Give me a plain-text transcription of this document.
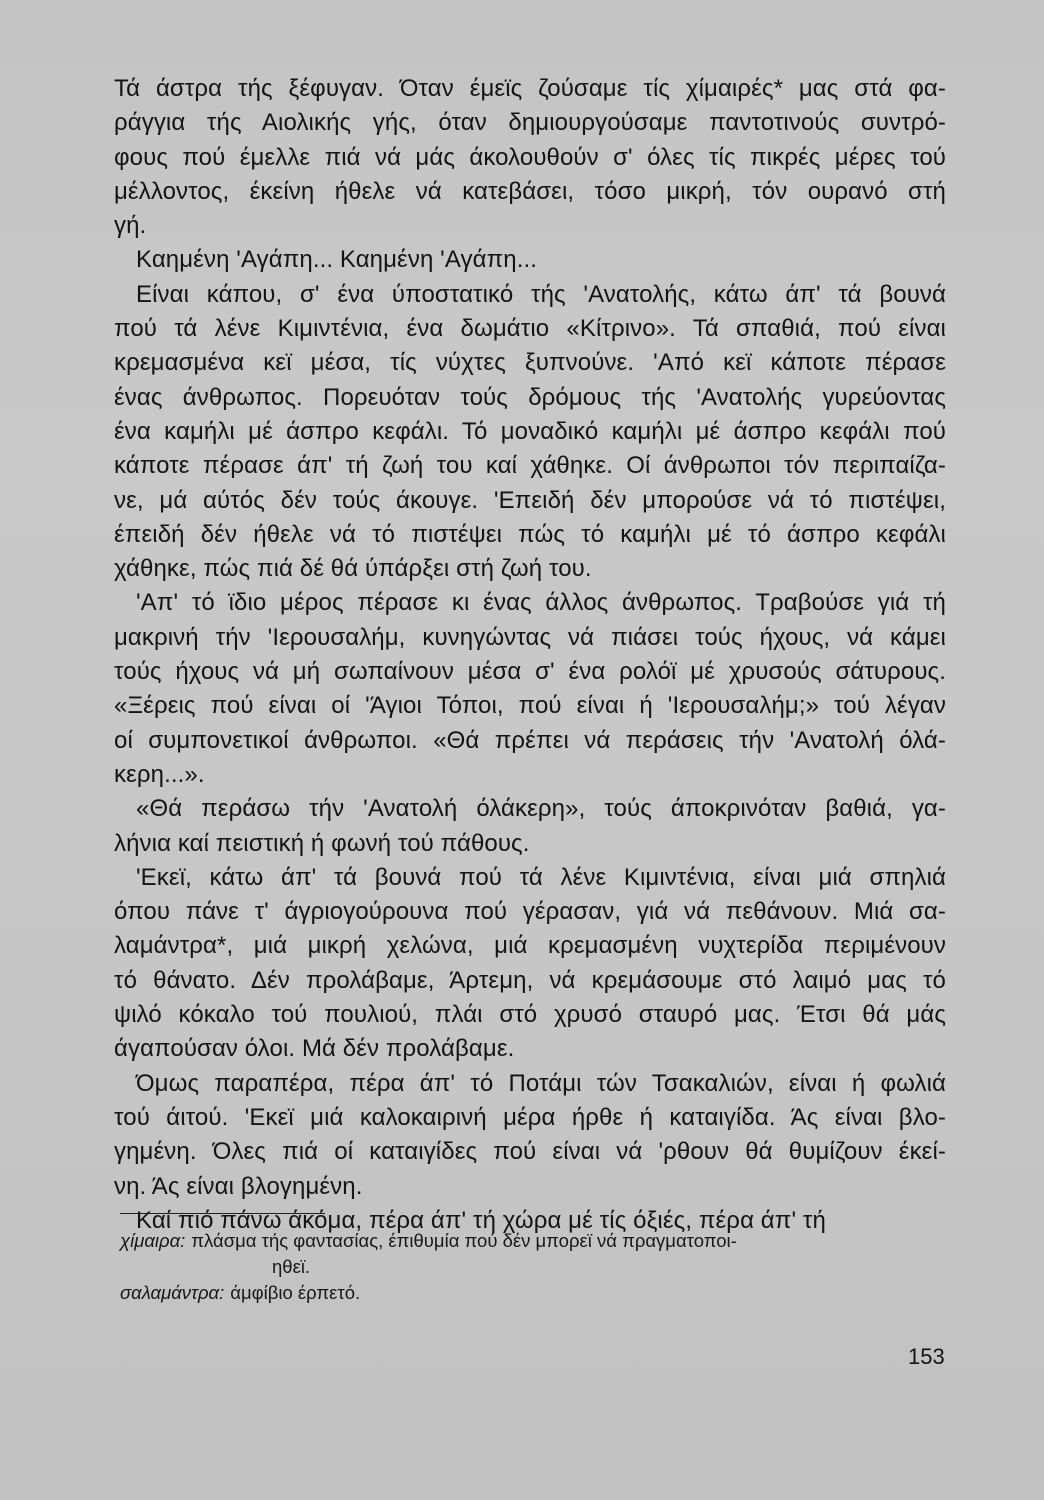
Τά άστρα τής ξέφυγαν. Όταν έμεϊς ζούσαμε τίς χίμαιρές* μας στά φα-
ράγγια τής Αιολικής γής, όταν δημιουργούσαμε παντοτινούς συντρό-
φους πού έμελλε πιά νά μάς άκολουθούν σ' όλες τίς πικρές μέρες τού
μέλλοντος, έκείνη ήθελε νά κατεβάσει, τόσο μικρή, τόν ουρανό στή
γή.

Καημένη 'Αγάπη... Καημένη 'Αγάπη...

Είναι κάπου, σ' ένα ύποστατικό τής 'Ανατολής, κάτω άπ' τά βουνά
πού τά λένε Κιμιντένια, ένα δωμάτιο «Κίτρινο». Τά σπαθιά, πού είναι
κρεμασμένα κεϊ μέσα, τίς νύχτες ξυπνούνε. 'Από κεϊ κάποτε πέρασε
ένας άνθρωπος. Πορευόταν τούς δρόμους τής 'Ανατολής γυρεύοντας
ένα καμήλι μέ άσπρο κεφάλι. Τό μοναδικό καμήλι μέ άσπρο κεφάλι πού
κάποτε πέρασε άπ' τή ζωή του καί χάθηκε. Οί άνθρωποι τόν περιπαίζα-
νε, μά αύτός δέν τούς άκουγε. 'Επειδή δέν μπορούσε νά τό πιστέψει,
έπειδή δέν ήθελε νά τό πιστέψει πώς τό καμήλι μέ τό άσπρο κεφάλι
χάθηκε, πώς πιά δέ θά ύπάρξει στή ζωή του.

'Απ' τό ϊδιο μέρος πέρασε κι ένας άλλος άνθρωπος. Τραβούσε γιά τή
μακρινή τήν 'Ιερουσαλήμ, κυνηγώντας νά πιάσει τούς ήχους, νά κάμει
τούς ήχους νά μή σωπαίνουν μέσα σ' ένα ρολόϊ μέ χρυσούς σάτυρους.
«Ξέρεις πού είναι οί 'Άγιοι Τόποι, πού είναι ή 'Ιερουσαλήμ;» τού λέγαν
οί συμπονετικοί άνθρωποι. «Θά πρέπει νά περάσεις τήν 'Ανατολή όλά-
κερη...».

«Θά περάσω τήν 'Ανατολή όλάκερη», τούς άποκρινόταν βαθιά, γα-
λήνια καί πειστική ή φωνή τού πάθους.

'Εκεϊ, κάτω άπ' τά βουνά πού τά λένε Κιμιντένια, είναι μιά σπηλιά
όπου πάνε τ' άγριογούρουνα πού γέρασαν, γιά νά πεθάνουν. Μιά σα-
λαμάντρα*, μιά μικρή χελώνα, μιά κρεμασμένη νυχτερίδα περιμένουν
τό θάνατο. Δέν προλάβαμε, Άρτεμη, νά κρεμάσουμε στό λαιμό μας τό
ψιλό κόκαλο τού πουλιού, πλάι στό χρυσό σταυρό μας. Έτσι θά μάς
άγαπούσαν όλοι. Μά δέν προλάβαμε.

Όμως παραπέρα, πέρα άπ' τό Ποτάμι τών Τσακαλιών, είναι ή φωλιά
τού άιτού. 'Εκεϊ μιά καλοκαιρινή μέρα ήρθε ή καταιγίδα. Άς είναι βλο-
γημένη. Όλες πιά οί καταιγίδες πού είναι νά 'ρθουν θά θυμίζουν έκεί-
νη. Άς είναι βλογημένη.

Καί πιό πάνω άκόμα, πέρα άπ' τή χώρα μέ τίς όξιές, πέρα άπ' τή

χίμαιρα: πλάσμα τής φαντασίας, έπιθυμία πού δέν μπορεϊ νά πραγματοποι-
ηθεϊ.
σαλαμάντρα: άμφίβιο έρπετό.
153
